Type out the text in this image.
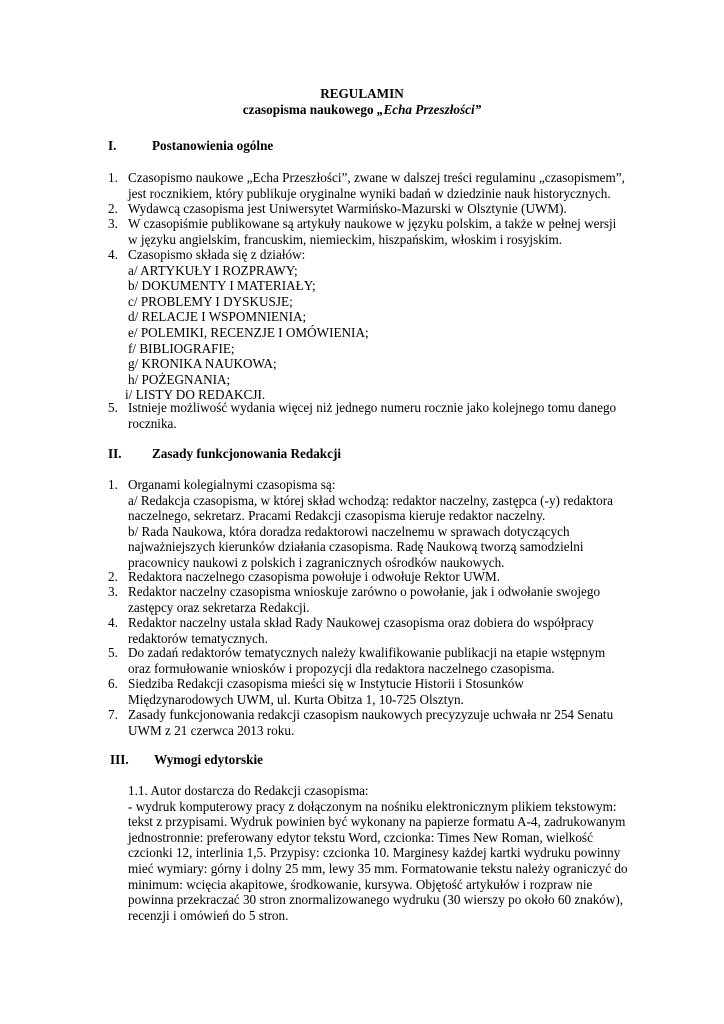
REGULAMIN
czasopisma naukowego „Echa Przeszłości”
I.	Postanowienia ogólne
1. Czasopismo naukowe „Echa Przeszłości”, zwane w dalszej treści regulaminu „czasopismem”,
jest rocznikiem, który publikuje oryginalne wyniki badań w dziedzinie nauk historycznych.
2. Wydawcą czasopisma jest Uniwersytet Warmińsko-Mazurski w Olsztynie (UWM).
3. W czasopiśmie publikowane są artykuły naukowe w języku polskim, a także w pełnej wersji
w języku angielskim, francuskim, niemieckim, hiszpańskim, włoskim i rosyjskim.
4. Czasopismo składa się z działów:
a/ ARTYKUŁY I ROZPRAWY;
b/ DOKUMENTY I MATERIAŁY;
c/ PROBLEMY I DYSKUSJE;
d/ RELACJE I WSPOMNIENIA;
e/ POLEMIKI, RECENZJE I OMÓWIENIA;
f/ BIBLIOGRAFIE;
g/ KRONIKA NAUKOWA;
h/ POŻEGNANIA;
i/ LISTY DO REDAKCJI.
5. Istnieje możliwość wydania więcej niż jednego numeru rocznie jako kolejnego tomu danego
rocznika.
II. Zasady funkcjonowania Redakcji
1. Organami kolegialnymi czasopisma są:
a/ Redakcja czasopisma, w której skład wchodzą: redaktor naczelny, zastępca (-y) redaktora
naczelnego, sekretarz. Pracami Redakcji czasopisma kieruje redaktor naczelny.
b/ Rada Naukowa, która doradza redaktorowi naczelnemu w sprawach dotyczących
najważniejszych kierunków działania czasopisma. Radę Naukową tworzą samodzielni
pracownicy naukowi z polskich i zagranicznych ośrodków naukowych.
2. Redaktora naczelnego czasopisma powołuje i odwołuje Rektor UWM.
3. Redaktor naczelny czasopisma wnioskuje zarówno o powołanie, jak i odwołanie swojego
zastępcy oraz sekretarza Redakcji.
4. Redaktor naczelny ustala skład Rady Naukowej czasopisma oraz dobiera do współpracy
redaktorów tematycznych.
5. Do zadań redaktorów tematycznych należy kwalifikowanie publikacji na etapie wstępnym
oraz formułowanie wniosków i propozycji dla redaktora naczelnego czasopisma.
6. Siedziba Redakcji czasopisma mieści się w Instytucie Historii i Stosunków
Międzynarodowych UWM, ul. Kurta Obitza 1, 10-725 Olsztyn.
7. Zasady funkcjonowania redakcji czasopism naukowych precyzyzuje uchwała nr 254 Senatu
UWM z 21 czerwca 2013 roku.
III. Wymogi edytorskie
1.1. Autor dostarcza do Redakcji czasopisma:
- wydruk komputerowy pracy z dołączonym na nośniku elektronicznym plikiem tekstowym:
tekst z przypisami. Wydruk powinien być wykonany na papierze formatu A-4, zadrukowanym
jednostronnie: preferowany edytor tekstu Word, czcionka: Times New Roman, wielkość
czcionki 12, interlinia 1,5. Przypisy: czcionka 10. Marginesy każdej kartki wydruku powinny
mieć wymiary: górny i dolny 25 mm, lewy 35 mm. Formatowanie tekstu należy ograniczyć do
minimum: wcięcia akapitowe, środkowanie, kursywa. Objętość artykułów i rozpraw nie
powinna przekraczać 30 stron znormalizowanego wydruku (30 wierszy po około 60 znaków),
recenzji i omówień do 5 stron.
